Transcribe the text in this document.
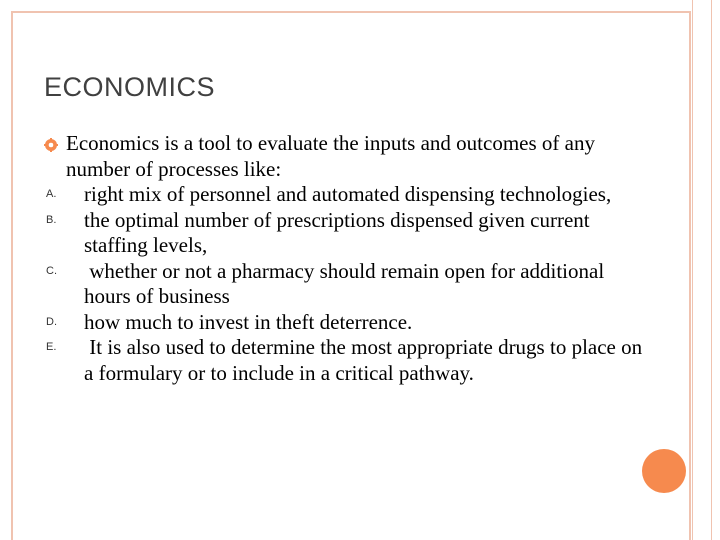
ECONOMICS
Economics is a tool to evaluate the inputs and outcomes of any number of processes like:
A. right mix of personnel and automated dispensing technologies,
B. the optimal number of prescriptions dispensed given current staffing levels,
C. whether or not a pharmacy should remain open for additional hours of business
D. how much to invest in theft deterrence.
E. It is also used to determine the most appropriate drugs to place on a formulary or to include in a critical pathway.
